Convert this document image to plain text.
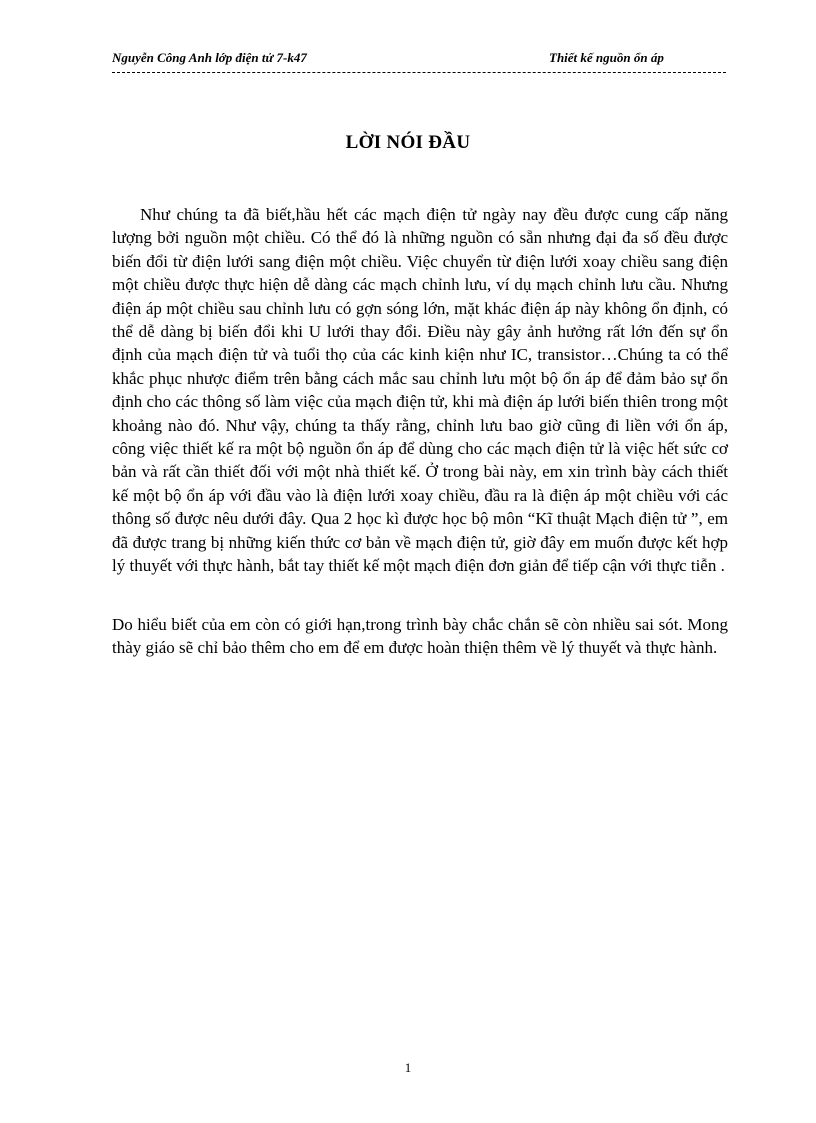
Nguyễn Công Anh lớp điện tử 7-k47	Thiết kế nguồn ổn áp
LỜI NÓI ĐẦU

Như chúng ta đã biết,hầu hết các mạch điện tử ngày nay đều được cung cấp năng lượng bởi nguồn một chiều. Có thể đó là những nguồn có sẵn nhưng đại đa số đều được biến đổi từ điện lưới sang điện một chiều. Việc chuyển từ điện lưới xoay chiều sang điện một chiều được thực hiện dễ dàng các mạch chỉnh lưu, ví dụ mạch chỉnh lưu cầu. Nhưng điện áp một chiều sau chỉnh lưu có gợn sóng lớn, mặt khác điện áp này không ổn định, có thể dễ dàng bị biến đổi khi U lưới thay đổi. Điều này gây ảnh hưởng rất lớn đến sự ổn định của mạch điện tử và tuổi thọ của các kinh kiện như IC, transistor…Chúng ta có thể khắc phục nhược điểm trên bằng cách mắc sau chỉnh lưu một bộ ổn áp để đảm bảo sự ổn định cho các thông số làm việc của mạch điện tử, khi mà điện áp lưới biến thiên trong một khoảng nào đó. Như vậy, chúng ta thấy rằng, chỉnh lưu bao giờ cũng đi liền với ổn áp, công việc thiết kế ra một bộ nguồn ổn áp để dùng cho các mạch điện tử là việc hết sức cơ bản và rất cần thiết đối với một nhà thiết kế. Ở trong bài này, em xin trình bày cách thiết kế một bộ ổn áp với đầu vào là điện lưới xoay chiều, đầu ra là điện áp một chiều với các thông số được nêu dưới đây. Qua 2 học kì được học bộ môn “Kĩ thuật Mạch điện tử ”, em đã được trang bị những kiến thức cơ bản về mạch điện tử, giờ đây em muốn được kết hợp lý thuyết với thực hành, bắt tay thiết kế một mạch điện đơn giản để tiếp cận với thực tiễn .

Do hiểu biết của em còn có giới hạn,trong trình bày chắc chắn sẽ còn nhiều sai sót. Mong thày giáo sẽ chỉ bảo thêm cho em để em được hoàn thiện thêm về lý thuyết và thực hành.

1
